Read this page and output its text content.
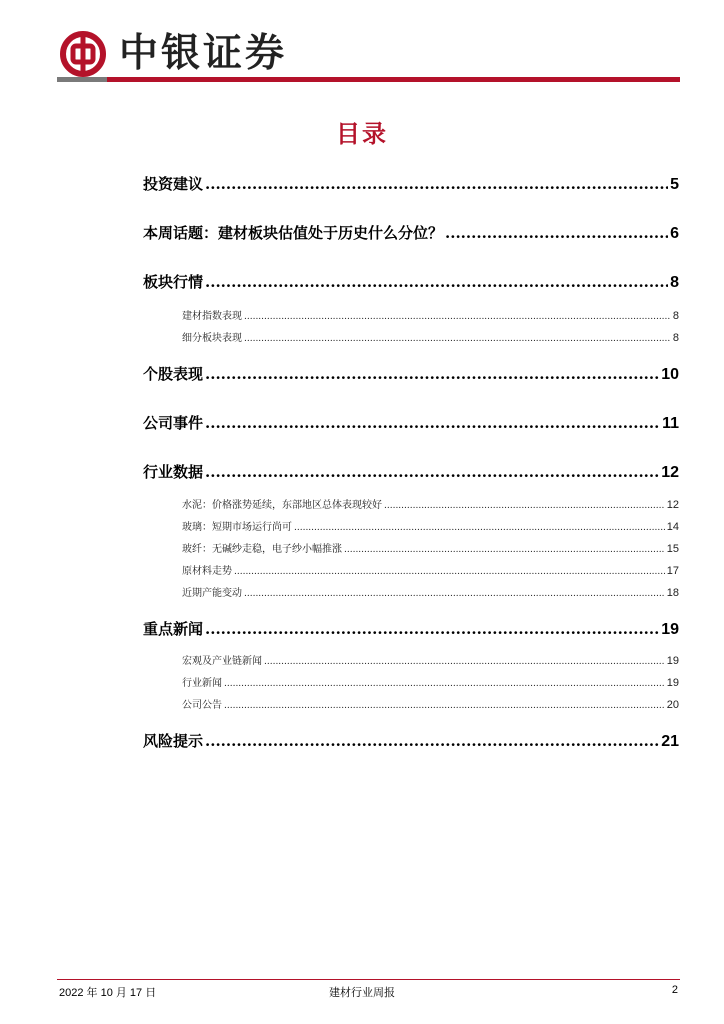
中银证券
目录
投资建议 .....	5
本周话题：建材板块估值处于历史什么分位？ .....	6
板块行情 .....	8
建材指数表现 .....	8
细分板块表现 .....	8
个股表现 .....	10
公司事件 .....	11
行业数据 .....	12
水泥：价格涨势延续，东部地区总体表现较好 .....	12
玻璃：短期市场运行尚可 .....	14
玻纤：无碱纱走稳，电子纱小幅推涨 .....	15
原材料走势 .....	17
近期产能变动 .....	18
重点新闻 .....	19
宏观及产业链新闻 .....	19
行业新闻 .....	19
公司公告 .....	20
风险提示 .....	21
2022 年 10 月 17 日	建材行业周报	2
